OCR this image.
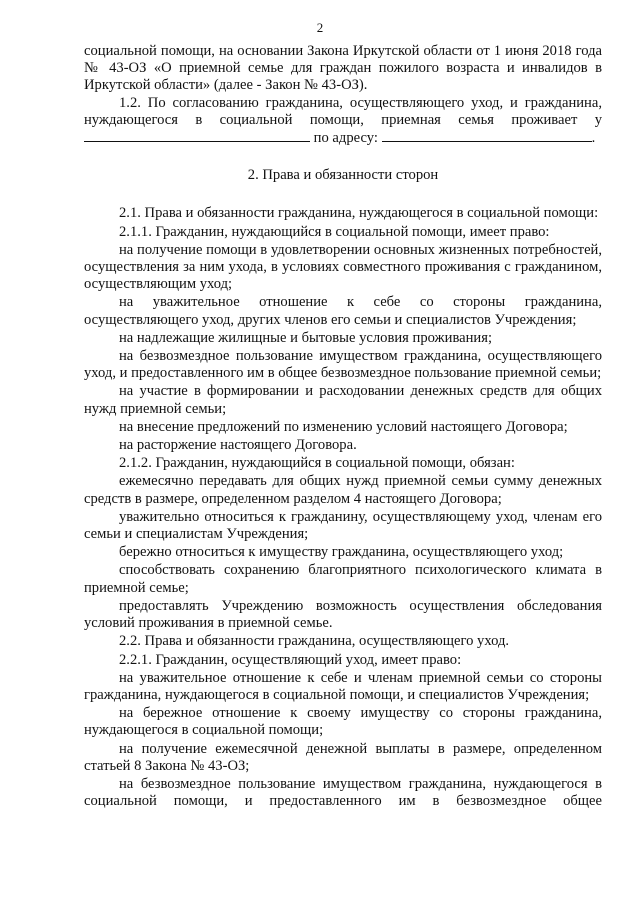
2

социальной помощи, на основании Закона Иркутской области от 1 июня 2018 года № 43-ОЗ «О приемной семье для граждан пожилого возраста и инвалидов в Иркутской области» (далее - Закон № 43-ОЗ).

1.2. По согласованию гражданина, осуществляющего уход, и гражданина, нуждающегося в социальной помощи, приемная семья проживает у  по адресу:	.

2. Права и обязанности сторон

2.1. Права и обязанности гражданина, нуждающегося в социальной помощи:

2.1.1. Гражданин, нуждающийся в социальной помощи, имеет право:

на получение помощи в удовлетворении основных жизненных потребностей, осуществления за ним ухода, в условиях совместного проживания с гражданином, осуществляющим уход;

на уважительное отношение к себе со стороны гражданина, осуществляющего уход, других членов его семьи и специалистов Учреждения;

на надлежащие жилищные и бытовые условия проживания;

на безвозмездное пользование имуществом гражданина, осуществляющего уход, и предоставленного им в общее безвозмездное пользование приемной семьи;

на участие в формировании и расходовании денежных средств для общих нужд приемной семьи;

на внесение предложений по изменению условий настоящего Договора;

на расторжение настоящего Договора.

2.1.2. Гражданин, нуждающийся в социальной помощи, обязан:

ежемесячно передавать для общих нужд приемной семьи сумму денежных средств в размере, определенном разделом 4 настоящего Договора;

уважительно относиться к гражданину, осуществляющему уход, членам его семьи и специалистам Учреждения;

бережно относиться к имуществу гражданина, осуществляющего уход;

способствовать сохранению благоприятного психологического климата в приемной семье;

предоставлять Учреждению возможность осуществления обследования условий проживания в приемной семье.

2.2. Права и обязанности гражданина, осуществляющего уход.

2.2.1. Гражданин, осуществляющий уход, имеет право:

на уважительное отношение к себе и членам приемной семьи со стороны гражданина, нуждающегося в социальной помощи, и специалистов Учреждения;

на бережное отношение к своему имуществу со стороны гражданина, нуждающегося в социальной помощи;

на получение ежемесячной денежной выплаты в размере, определенном статьей 8 Закона № 43-ОЗ;

на безвозмездное пользование имуществом гражданина, нуждающегося в социальной помощи, и предоставленного им в безвозмездное общее
